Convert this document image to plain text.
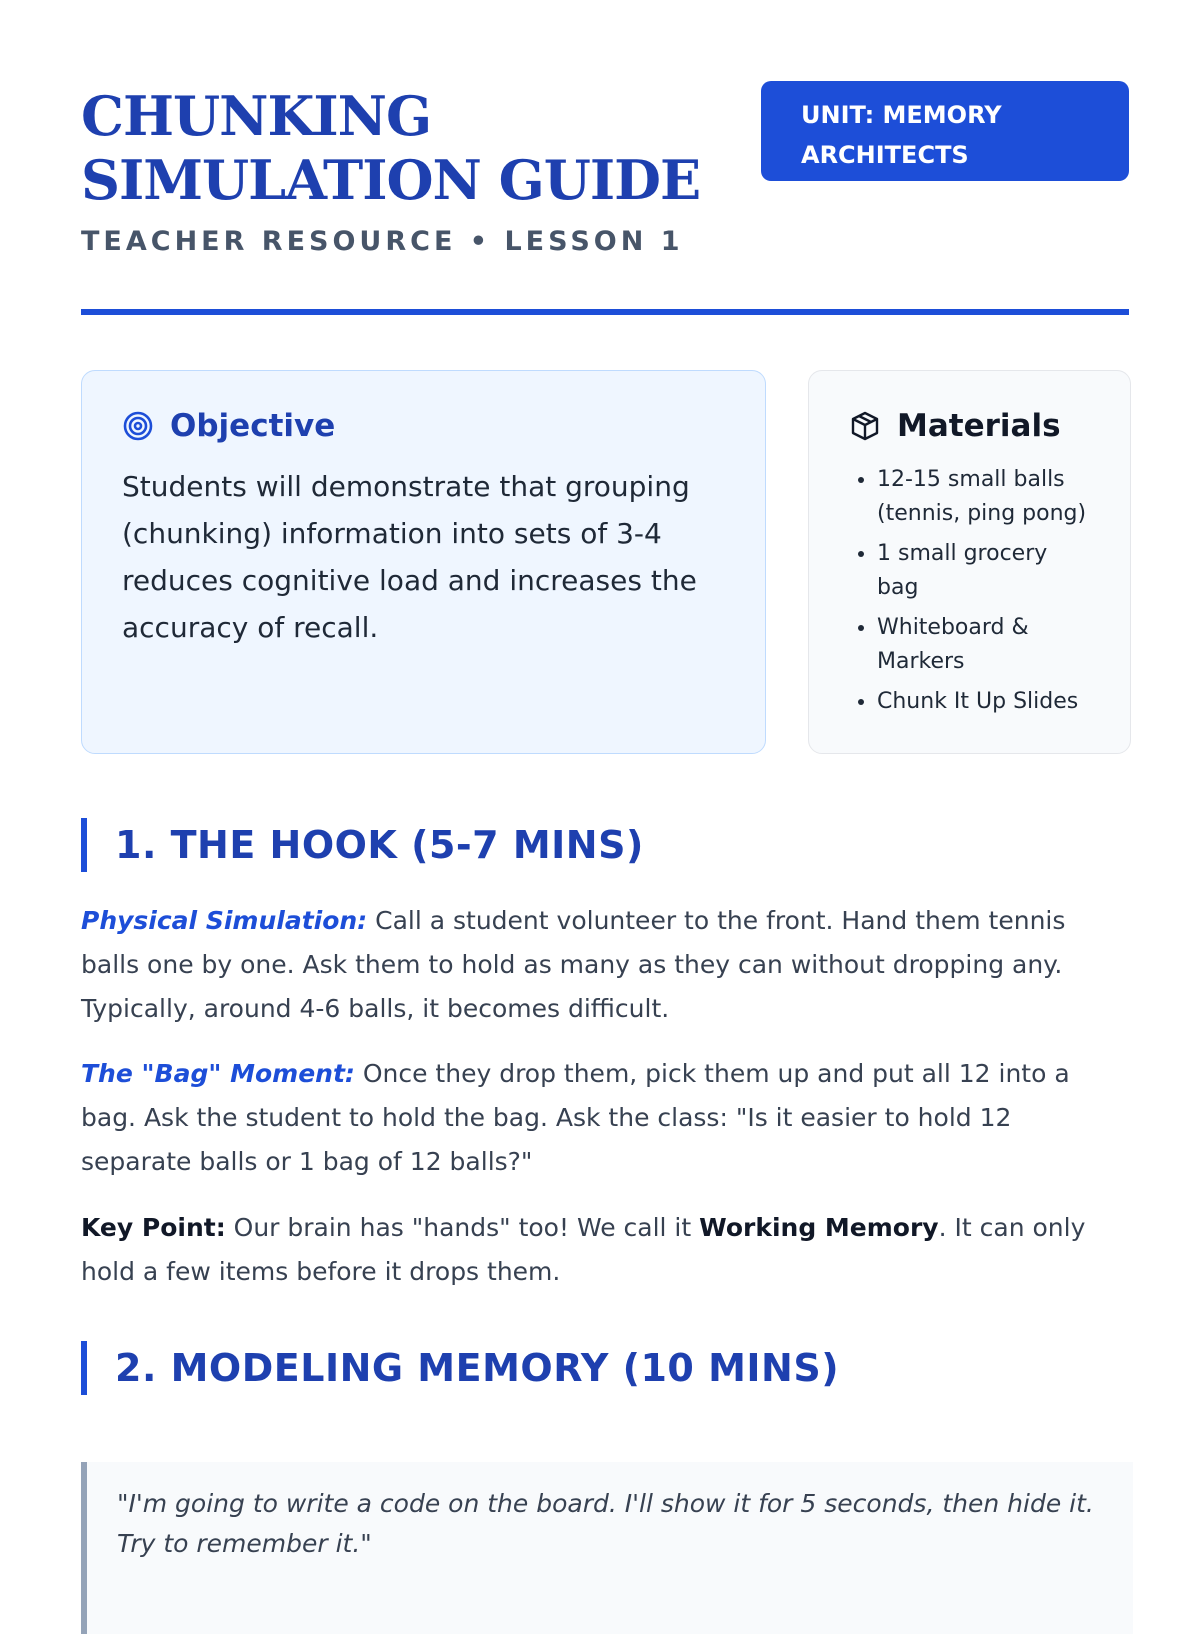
CHUNKING SIMULATION GUIDE
TEACHER RESOURCE • LESSON 1
UNIT: MEMORY ARCHITECTS
Objective

Students will demonstrate that grouping (chunking) information into sets of 3-4 reduces cognitive load and increases the accuracy of recall.

Materials
• 12-15 small balls (tennis, ping pong)
• 1 small grocery bag
• Whiteboard & Markers
• Chunk It Up Slides
1. THE HOOK (5-7 MINS)

Physical Simulation: Call a student volunteer to the front. Hand them tennis balls one by one. Ask them to hold as many as they can without dropping any. Typically, around 4-6 balls, it becomes difficult.

The "Bag" Moment: Once they drop them, pick them up and put all 12 into a bag. Ask the student to hold the bag. Ask the class: "Is it easier to hold 12 separate balls or 1 bag of 12 balls?"

Key Point: Our brain has "hands" too! We call it Working Memory. It can only hold a few items before it drops them.

2. MODELING MEMORY (10 MINS)
"I'm going to write a code on the board. I'll show it for 5 seconds, then hide it. Try to remember it."
